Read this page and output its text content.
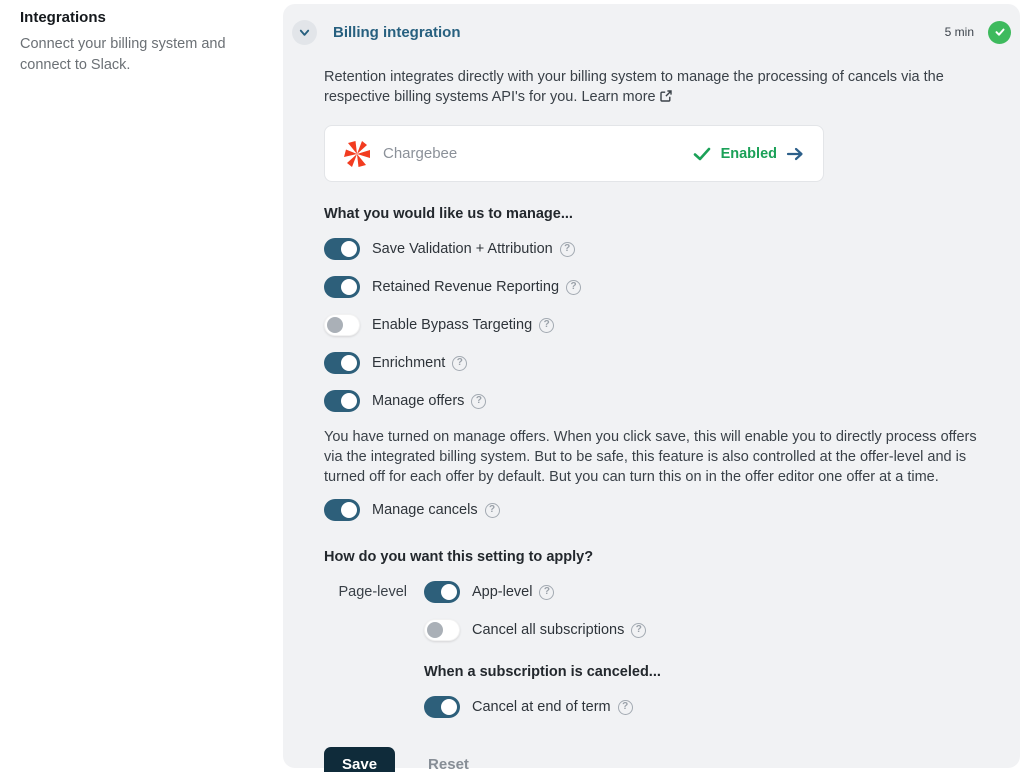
Integrations

Connect your billing system and connect to Slack.

Billing integration	5 min

Retention integrates directly with your billing system to manage the processing of cancels via the respective billing systems API's for you. Learn more

Chargebee	Enabled
What you would like us to manage...
Save Validation + Attribution	?
Retained Revenue Reporting	?
Enable Bypass Targeting	?
Enrichment	?
Manage offers	?

You have turned on manage offers. When you click save, this will enable you to directly process offers via the integrated billing system. But to be safe, this feature is also controlled at the offer-level and is turned off for each offer by default. But you can turn this on in the offer editor one offer at a time.

Manage cancels	?
How do you want this setting to apply?
Page-level	App-level	?
Cancel all subscriptions	?
When a subscription is canceled...
Cancel at end of term	?
Save	Reset
